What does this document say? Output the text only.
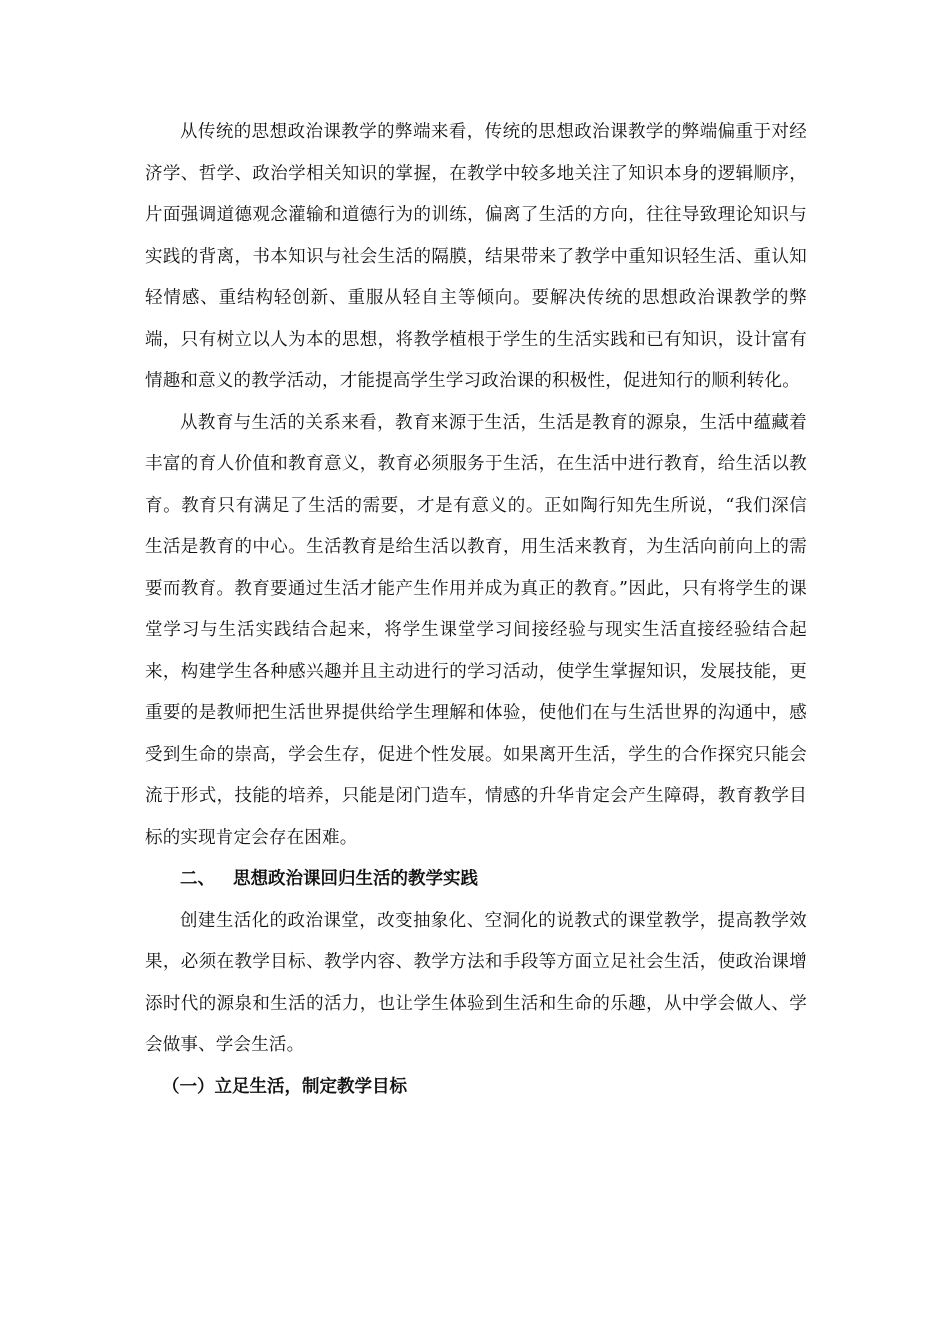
从传统的思想政治课教学的弊端来看，传统的思想政治课教学的弊端偏重于对经济学、哲学、政治学相关知识的掌握，在教学中较多地关注了知识本身的逻辑顺序，片面强调道德观念灌输和道德行为的训练，偏离了生活的方向，往往导致理论知识与实践的背离，书本知识与社会生活的隔膜，结果带来了教学中重知识轻生活、重认知轻情感、重结构轻创新、重服从轻自主等倾向。要解决传统的思想政治课教学的弊端，只有树立以人为本的思想，将教学植根于学生的生活实践和已有知识，设计富有情趣和意义的教学活动，才能提高学生学习政治课的积极性，促进知行的顺利转化。

从教育与生活的关系来看，教育来源于生活，生活是教育的源泉，生活中蕴藏着丰富的育人价值和教育意义，教育必须服务于生活，在生活中进行教育，给生活以教育。教育只有满足了生活的需要，才是有意义的。正如陶行知先生所说，“我们深信生活是教育的中心。生活教育是给生活以教育，用生活来教育，为生活向前向上的需要而教育。教育要通过生活才能产生作用并成为真正的教育。”因此，只有将学生的课堂学习与生活实践结合起来，将学生课堂学习间接经验与现实生活直接经验结合起来，构建学生各种感兴趣并且主动进行的学习活动，使学生掌握知识，发展技能，更重要的是教师把生活世界提供给学生理解和体验，使他们在与生活世界的沟通中，感受到生命的崇高，学会生存，促进个性发展。如果离开生活，学生的合作探究只能会流于形式，技能的培养，只能是闭门造车，情感的升华肯定会产生障碍，教育教学目标的实现肯定会存在困难。

二、 思想政治课回归生活的教学实践

创建生活化的政治课堂，改变抽象化、空洞化的说教式的课堂教学，提高教学效果，必须在教学目标、教学内容、教学方法和手段等方面立足社会生活，使政治课增添时代的源泉和生活的活力，也让学生体验到生活和生命的乐趣，从中学会做人、学会做事、学会生活。

（一）立足生活，制定教学目标
